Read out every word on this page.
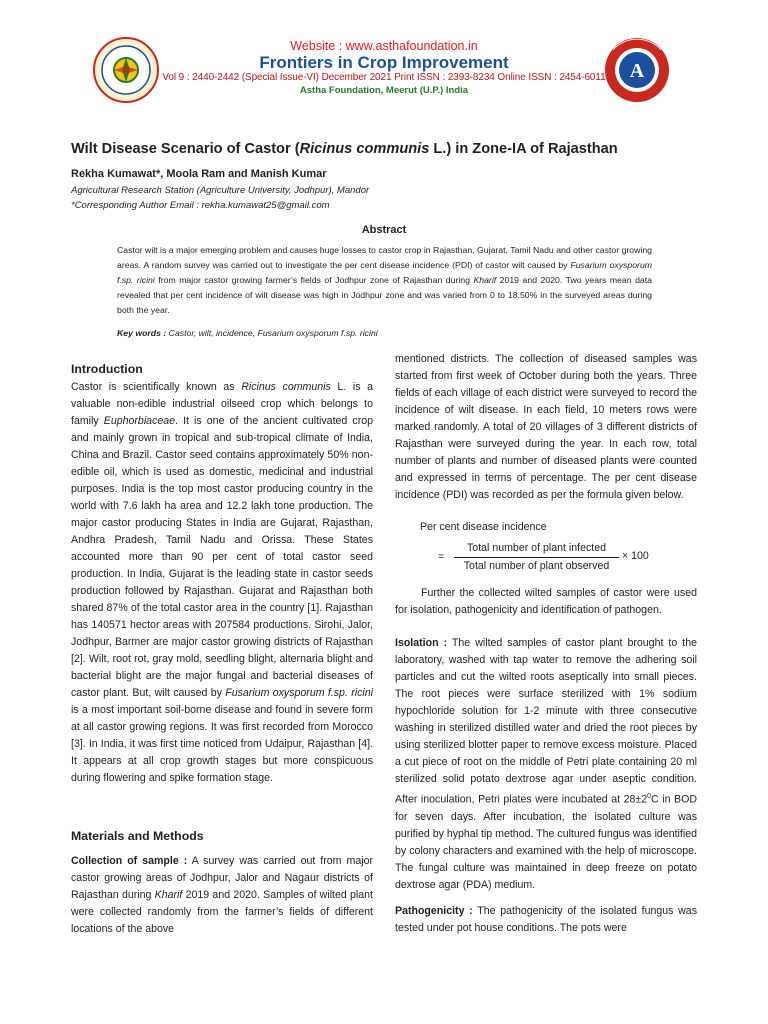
Website : www.asthafoundation.in
Frontiers in Crop Improvement
Vol 9 : 2440-2442 (Special Issue-VI) December 2021 Print ISSN : 2393-8234 Online ISSN : 2454-6011
Astha Foundation, Meerut (U.P.) India
A
Wilt Disease Scenario of Castor (Ricinus communis L.) in Zone-IA of Rajasthan
Rekha Kumawat*, Moola Ram and Manish Kumar
Agricultural Research Station (Agriculture University, Jodhpur), Mandor
*Corresponding Author Email : rekha.kumawat25@gmail.com
Abstract
Castor wilt is a major emerging problem and causes huge losses to castor crop in Rajasthan, Gujarat, Tamil Nadu and other castor growing areas. A random survey was carried out to investigate the per cent disease incidence (PDI) of castor wilt caused by Fusarium oxysporum f.sp. ricini from major castor growing farmer’s fields of Jodhpur zone of Rajasthan during Kharif 2019 and 2020. Two years mean data revealed that per cent incidence of wilt disease was high in Jodhpur zone and was varied from 0 to 18.50% in the surveyed areas during both the year.
Key words : Castor, wilt, incidence, Fusarium oxysporum f.sp. ricini
Introduction

Castor is scientifically known as Ricinus communis L. is a valuable non-edible industrial oilseed crop which belongs to family Euphorbiaceae. It is one of the ancient cultivated crop and mainly grown in tropical and sub-tropical climate of India, China and Brazil. Castor seed contains approximately 50% non-edible oil, which is used as domestic, medicinal and industrial purposes. India is the top most castor producing country in the world with 7.6 lakh ha area and 12.2 lakh tone production. The major castor producing States in India are Gujarat, Rajasthan, Andhra Pradesh, Tamil Nadu and Orissa. These States accounted more than 90 per cent of total castor seed production. In India, Gujarat is the leading state in castor seeds production followed by Rajasthan. Gujarat and Rajasthan both shared 87% of the total castor area in the country [1]. Rajasthan has 140571 hector areas with 207584 productions. Sirohi, Jalor, Jodhpur, Barmer are major castor growing districts of Rajasthan [2]. Wilt, root rot, gray mold, seedling blight, alternaria blight and bacterial blight are the major fungal and bacterial diseases of castor plant. But, wilt caused by Fusarium oxysporum f.sp. ricini is a most important soil-borne disease and found in severe form at all castor growing regions. It was first recorded from Morocco [3]. In India, it was first time noticed from Udaipur, Rajasthan [4]. It appears at all crop growth stages but more conspicuous during flowering and spike formation stage.

Materials and Methods

Collection of sample : A survey was carried out from major castor growing areas of Jodhpur, Jalor and Nagaur districts of Rajasthan during Kharif 2019 and 2020. Samples of wilted plant were collected randomly from the farmer’s fields of different locations of the above

mentioned districts. The collection of diseased samples was started from first week of October during both the years. Three fields of each village of each district were surveyed to record the incidence of wilt disease. In each field, 10 meters rows were marked randomly. A total of 20 villages of 3 different districts of Rajasthan were surveyed during the year. In each row, total number of plants and number of diseased plants were counted and expressed in terms of percentage. The per cent disease incidence (PDI) was recorded as per the formula given below.

Per cent disease incidence
=
Total number of plant infected
Total number of plant observed
× 100

Further the collected wilted samples of castor were used for isolation, pathogenicity and identification of pathogen.

Isolation : The wilted samples of castor plant brought to the laboratory, washed with tap water to remove the adhering soil particles and cut the wilted roots aseptically into small pieces. The root pieces were surface sterilized with 1% sodium hypochloride solution for 1-2 minute with three consecutive washing in sterilized distilled water and dried the root pieces by using sterilized blotter paper to remove excess moisture. Placed a cut piece of root on the middle of Petri plate containing 20 ml sterilized solid potato dextrose agar under aseptic condition. After inoculation, Petri plates were incubated at $28\pm 2^0C$ in BOD for seven days. After incubation, the isolated culture was purified by hyphal tip method. The cultured fungus was identified by colony characters and examined with the help of microscope. The fungal culture was maintained in deep freeze on potato dextrose agar (PDA) medium.

Pathogenicity : The pathogenicity of the isolated fungus was tested under pot house conditions. The pots were
